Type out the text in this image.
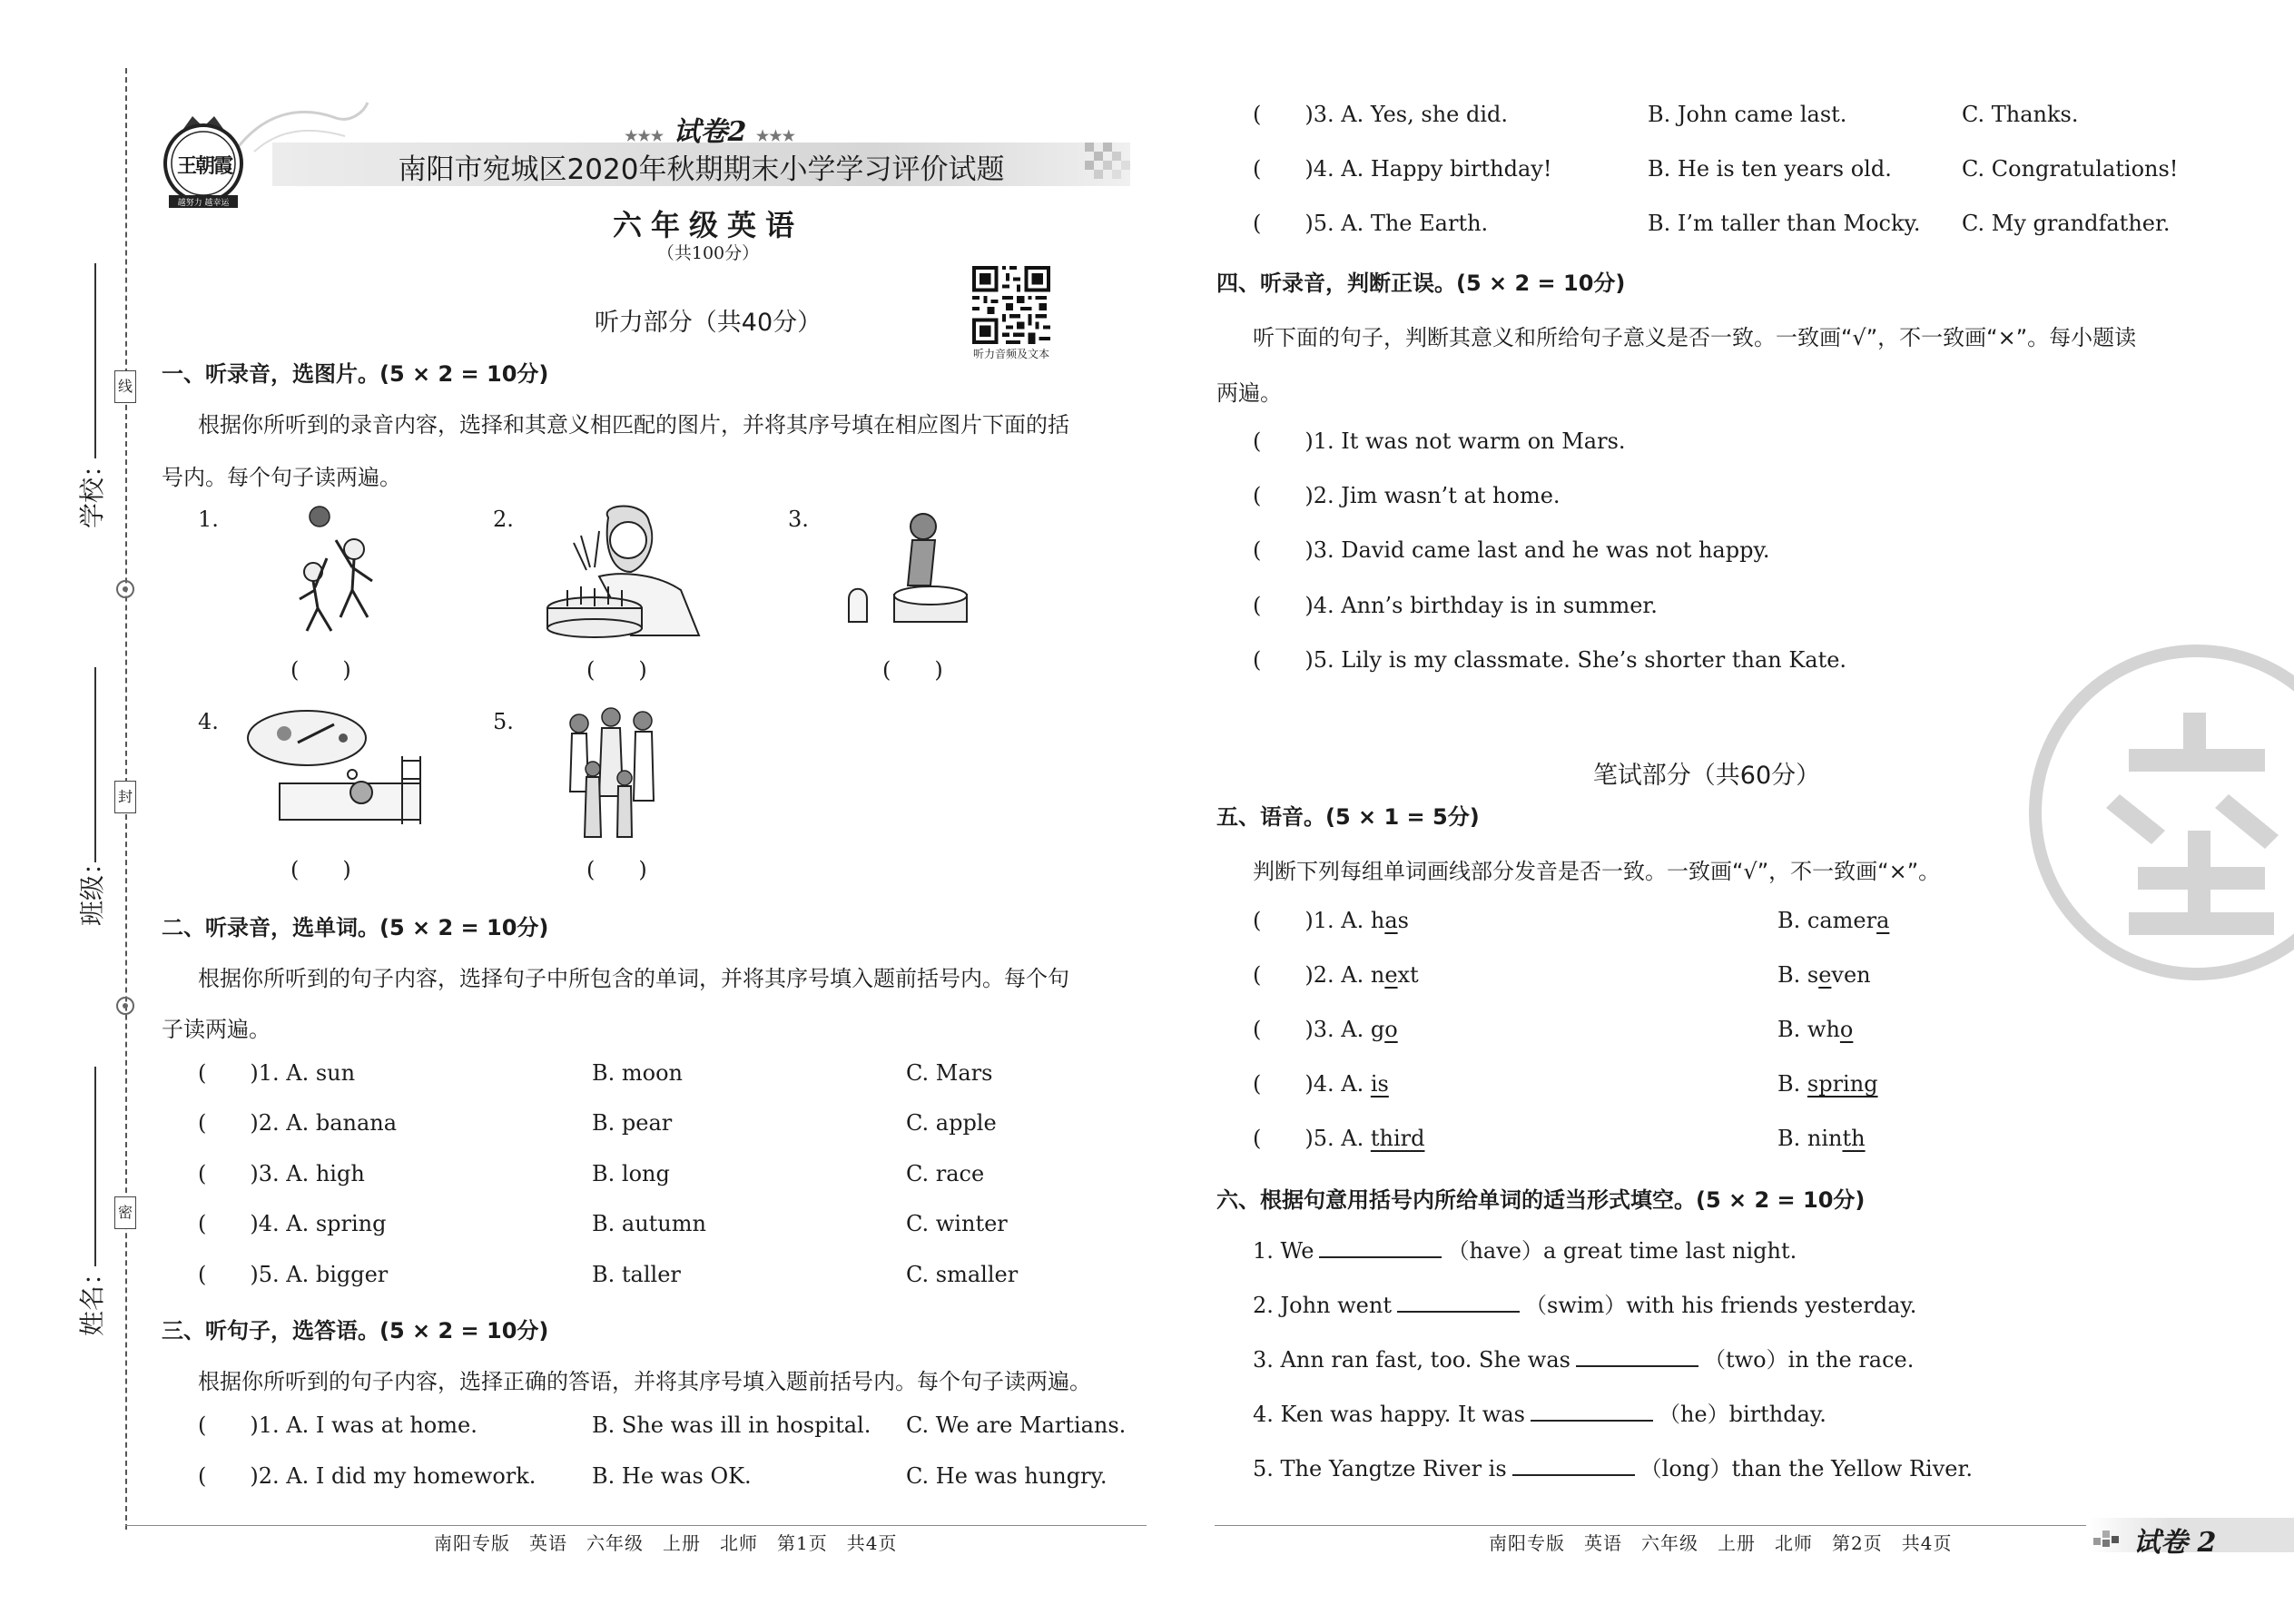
学校：
班级：
姓名：
线
封
密
王朝霞
越努力 越幸运
★★★ 试卷2 ★★★
南阳市宛城区2020年秋期期末小学学习评价试题
六年级英语
（共100分）
听力音频及文本
听力部分（共40分）
一、听录音，选图片。(5 × 2 = 10分)
根据你所听到的录音内容，选择和其意义相匹配的图片，并将其序号填在相应图片下面的括
号内。每个句子读两遍。
1.
(　　)
2.
(　　)
3.
(　　)
4.
(　　)
5.
(　　)
二、听录音，选单词。(5 × 2 = 10分)
根据你所听到的句子内容，选择句子中所包含的单词，并将其序号填入题前括号内。每个句
子读两遍。
(　　)1. A. sun	B. moon	C. Mars
(　　)2. A. banana	B. pear	C. apple
(　　)3. A. high	B. long	C. race
(　　)4. A. spring	B. autumn	C. winter
(　　)5. A. bigger	B. taller	C. smaller
三、听句子，选答语。(5 × 2 = 10分)
根据你所听到的句子内容，选择正确的答语，并将其序号填入题前括号内。每个句子读两遍。
(　　)1. A. I was at home.	B. She was ill in hospital. C. We are Martians.
(　　)2. A. I did my homework.	B. He was OK.	C. He was hungry.
南阳专版　英语　六年级　上册　北师　第1页　共4页
(　　)3. A. Yes, she did.	B. John came last.	C. Thanks.
(　　)4. A. Happy birthday!	B. He is ten years old.	C. Congratulations!
(　　)5. A. The Earth.	B. I’m taller than Mocky. C. My grandfather.
四、听录音，判断正误。(5 × 2 = 10分)
听下面的句子，判断其意义和所给句子意义是否一致。一致画“√”，不一致画“×”。每小题读
两遍。
(　　)1. It was not warm on Mars.
(　　)2. Jim wasn’t at home.
(　　)3. David came last and he was not happy.
(　　)4. Ann’s birthday is in summer.
(　　)5. Lily is my classmate. She’s shorter than Kate.
笔试部分（共60分）
五、语音。(5 × 1 = 5分)
判断下列每组单词画线部分发音是否一致。一致画“√”，不一致画“×”。
(　　)1. A. has	B. camera
(　　)2. A. next	B. seven
(　　)3. A. go	B. who
(　　)4. A. is	B. spring
(　　)5. A. third	B. ninth
六、根据句意用括号内所给单词的适当形式填空。(5 × 2 = 10分)
1. We	（have）a great time last night.
2. John went	（swim）with his friends yesterday.
3. Ann ran fast, too. She was	（two）in the race.
4. Ken was happy. It was	（he）birthday.
5. The Yangtze River is	（long）than the Yellow River.
南阳专版　英语　六年级　上册　北师　第2页　共4页	试卷 2
